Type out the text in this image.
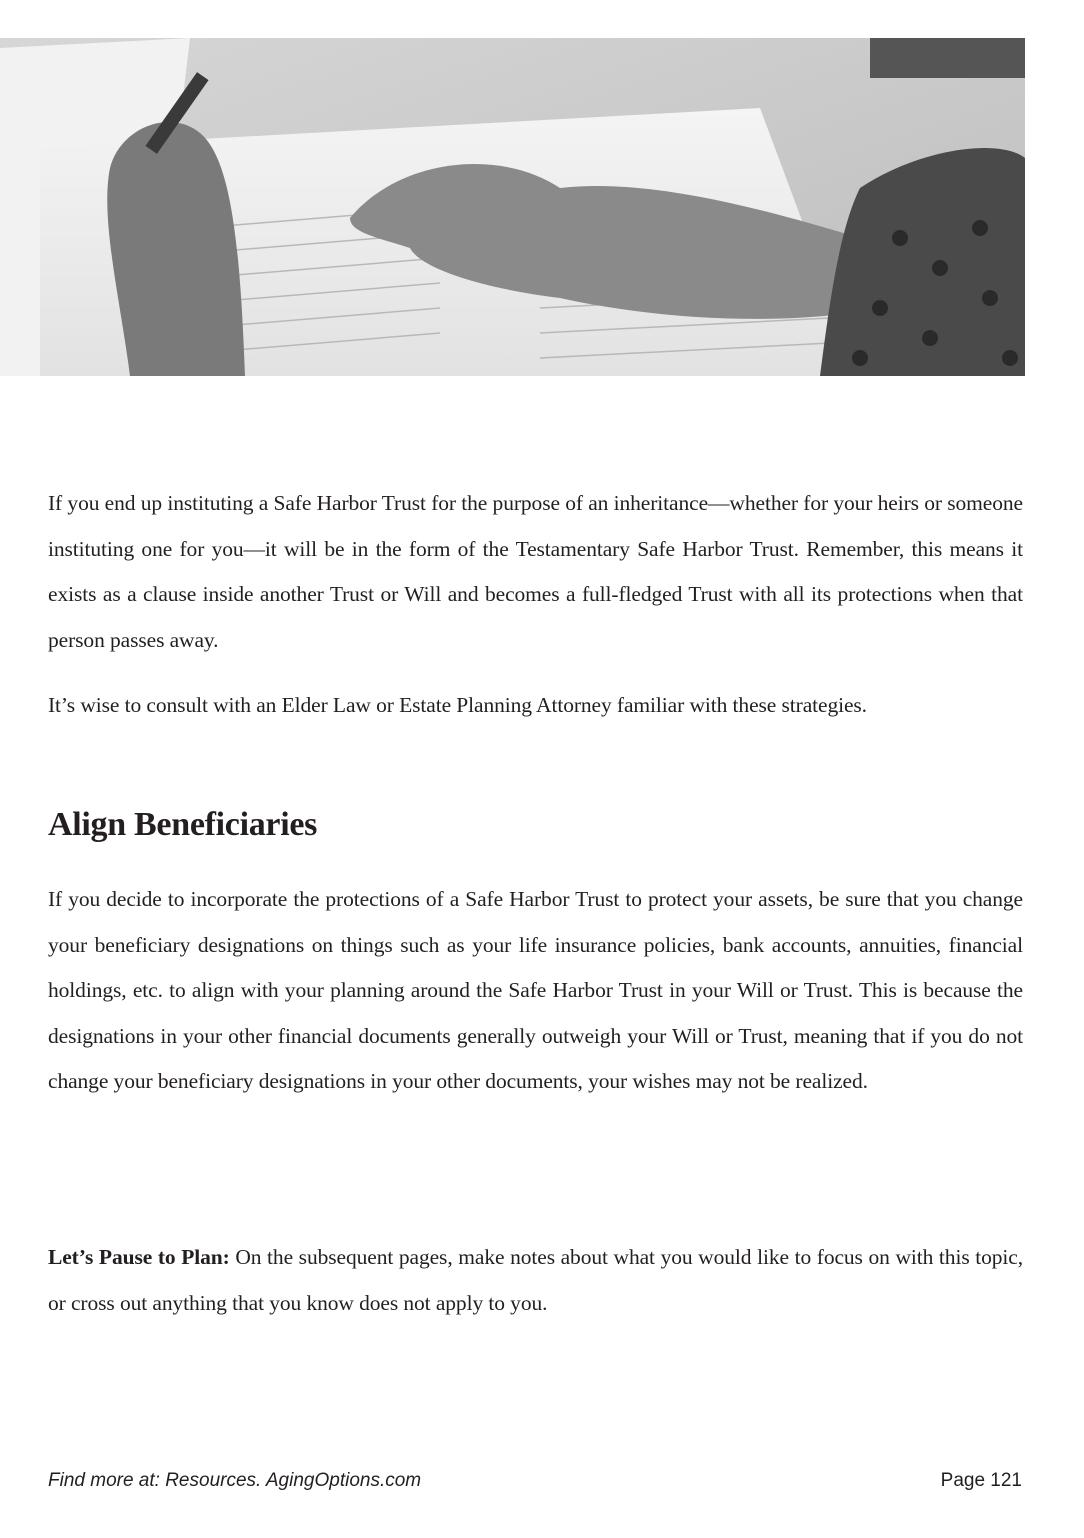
If you end up instituting a Safe Harbor Trust for the purpose of an inheritance—whether for your heirs or someone instituting one for you—it will be in the form of the Testamentary Safe Harbor Trust. Remember, this means it exists as a clause inside another Trust or Will and becomes a full-fledged Trust with all its protections when that person passes away.

It’s wise to consult with an Elder Law or Estate Planning Attorney familiar with these strategies.

Align Beneficiaries

If you decide to incorporate the protections of a Safe Harbor Trust to protect your assets, be sure that you change your beneficiary designations on things such as your life insurance policies, bank accounts, annuities, financial holdings, etc. to align with your planning around the Safe Harbor Trust in your Will or Trust. This is because the designations in your other financial documents generally outweigh your Will or Trust, meaning that if you do not change your beneficiary designations in your other documents, your wishes may not be realized.

Let’s Pause to Plan: On the subsequent pages, make notes about what you would like to focus on with this topic, or cross out anything that you know does not apply to you.

Find more at: Resources. AgingOptions.com	Page 121
